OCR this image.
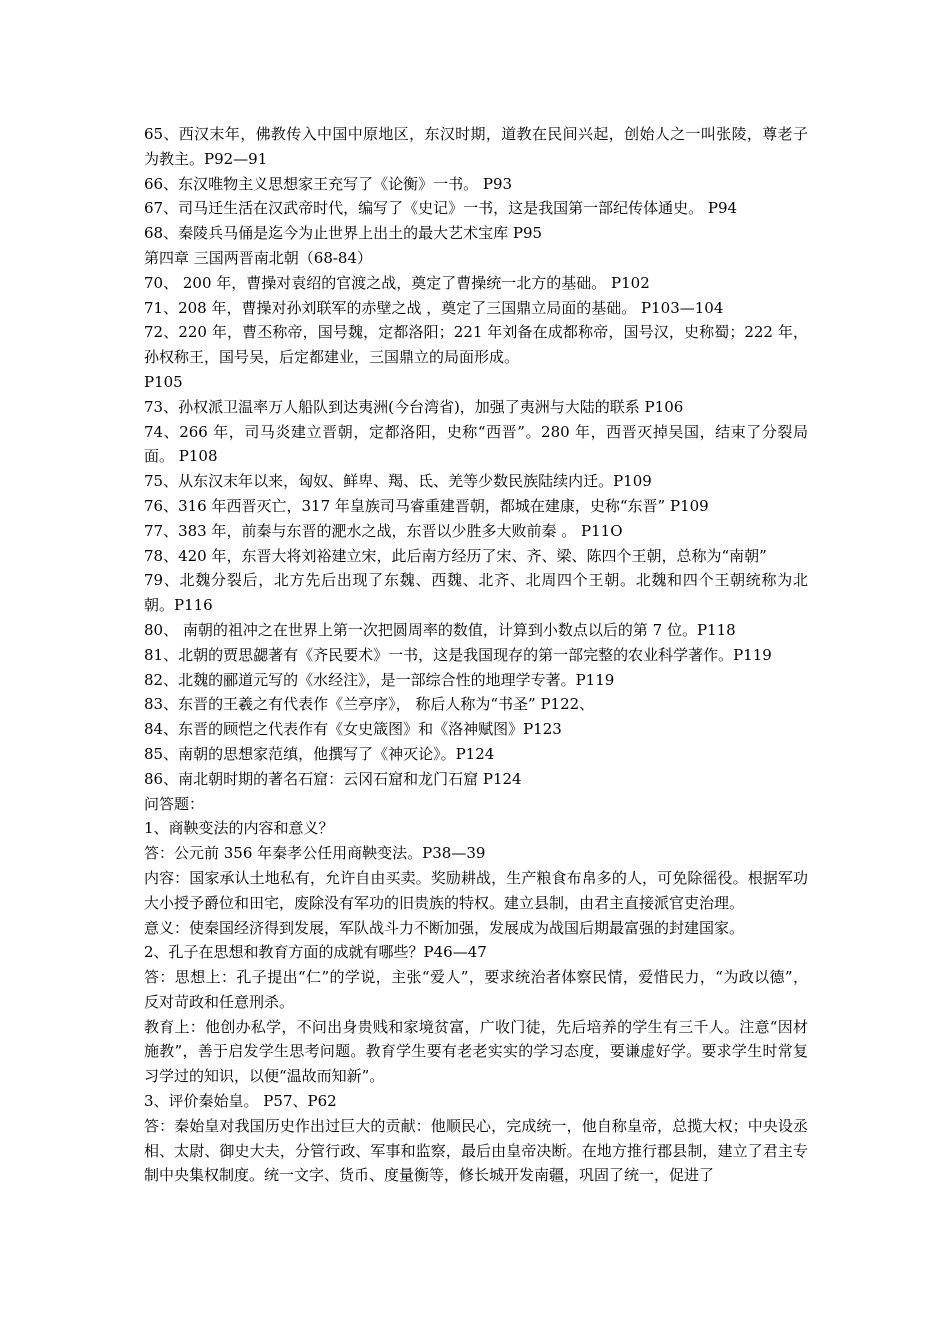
65、西汉末年，佛教传入中国中原地区，东汉时期，道教在民间兴起，创始人之一叫张陵，尊老子为教主。P92—91

66、东汉唯物主义思想家王充写了《论衡》一书。 P93

67、司马迁生活在汉武帝时代，编写了《史记》一书，这是我国第一部纪传体通史。 P94

68、秦陵兵马俑是迄今为止世界上出土的最大艺术宝库 P95

第四章 三国两晋南北朝（68-84）

70、 200 年，曹操对袁绍的官渡之战，奠定了曹操统一北方的基础。 P102

71、208 年，曹操对孙刘联军的赤壁之战 ，奠定了三国鼎立局面的基础。 P103—104

72、220 年，曹丕称帝，国号魏，定都洛阳；221 年刘备在成都称帝，国号汉，史称蜀；222 年，孙权称王，国号吴，后定都建业，三国鼎立的局面形成。

P105

73、孙权派卫温率万人船队到达夷洲(今台湾省)，加强了夷洲与大陆的联系 P106

74、266 年，司马炎建立晋朝，定都洛阳，史称“西晋”。280 年，西晋灭掉吴国，结束了分裂局面。 P108

75、从东汉末年以来，匈奴、鲜卑、羯、氐、羌等少数民族陆续内迁。P109

76、316 年西晋灭亡，317 年皇族司马睿重建晋朝，都城在建康，史称“东晋” P109

77、383 年，前秦与东晋的淝水之战，东晋以少胜多大败前秦 。 P11O

78、420 年，东晋大将刘裕建立宋，此后南方经历了宋、齐、梁、陈四个王朝，总称为“南朝”

79、北魏分裂后，北方先后出现了东魏、西魏、北齐、北周四个王朝。北魏和四个王朝统称为北朝。P116

80、 南朝的祖冲之在世界上第一次把圆周率的数值，计算到小数点以后的第 7 位。P118

81、北朝的贾思勰著有《齐民要术》一书，这是我国现存的第一部完整的农业科学著作。P119

82、北魏的郦道元写的《水经注》，是一部综合性的地理学专著。P119

83、东晋的王羲之有代表作《兰亭序》， 称后人称为“书圣” P122、

84、东晋的顾恺之代表作有《女史箴图》和《洛神赋图》P123

85、南朝的思想家范缜，他撰写了《神灭论》。P124

86、南北朝时期的著名石窟：云冈石窟和龙门石窟 P124

问答题：

1、商鞅变法的内容和意义？

答：公元前 356 年秦孝公任用商鞅变法。P38—39

内容：国家承认土地私有，允许自由买卖。奖励耕战，生产粮食布帛多的人，可免除徭役。根据军功大小授予爵位和田宅，废除没有军功的旧贵族的特权。建立县制，由君主直接派官吏治理。

意义：使秦国经济得到发展，军队战斗力不断加强，发展成为战国后期最富强的封建国家。

2、孔子在思想和教育方面的成就有哪些？P46—47

答：思想上：孔子提出“仁”的学说，主张“爱人”，要求统治者体察民情，爱惜民力，“为政以德”， 反对苛政和任意刑杀。

教育上：他创办私学，不问出身贵贱和家境贫富，广收门徒，先后培养的学生有三千人。注意“因材施教”，善于启发学生思考问题。教育学生要有老老实实的学习态度，要谦虚好学。要求学生时常复习学过的知识，以便“温故而知新”。

3、评价秦始皇。 P57、P62

答：秦始皇对我国历史作出过巨大的贡献：他顺民心，完成统一，他自称皇帝，总揽大权；中央设丞相、太尉、御史大夫，分管行政、军事和监察，最后由皇帝决断。在地方推行郡县制，建立了君主专制中央集权制度。统一文字、货币、度量衡等，修长城开发南疆，巩固了统一，促进了
